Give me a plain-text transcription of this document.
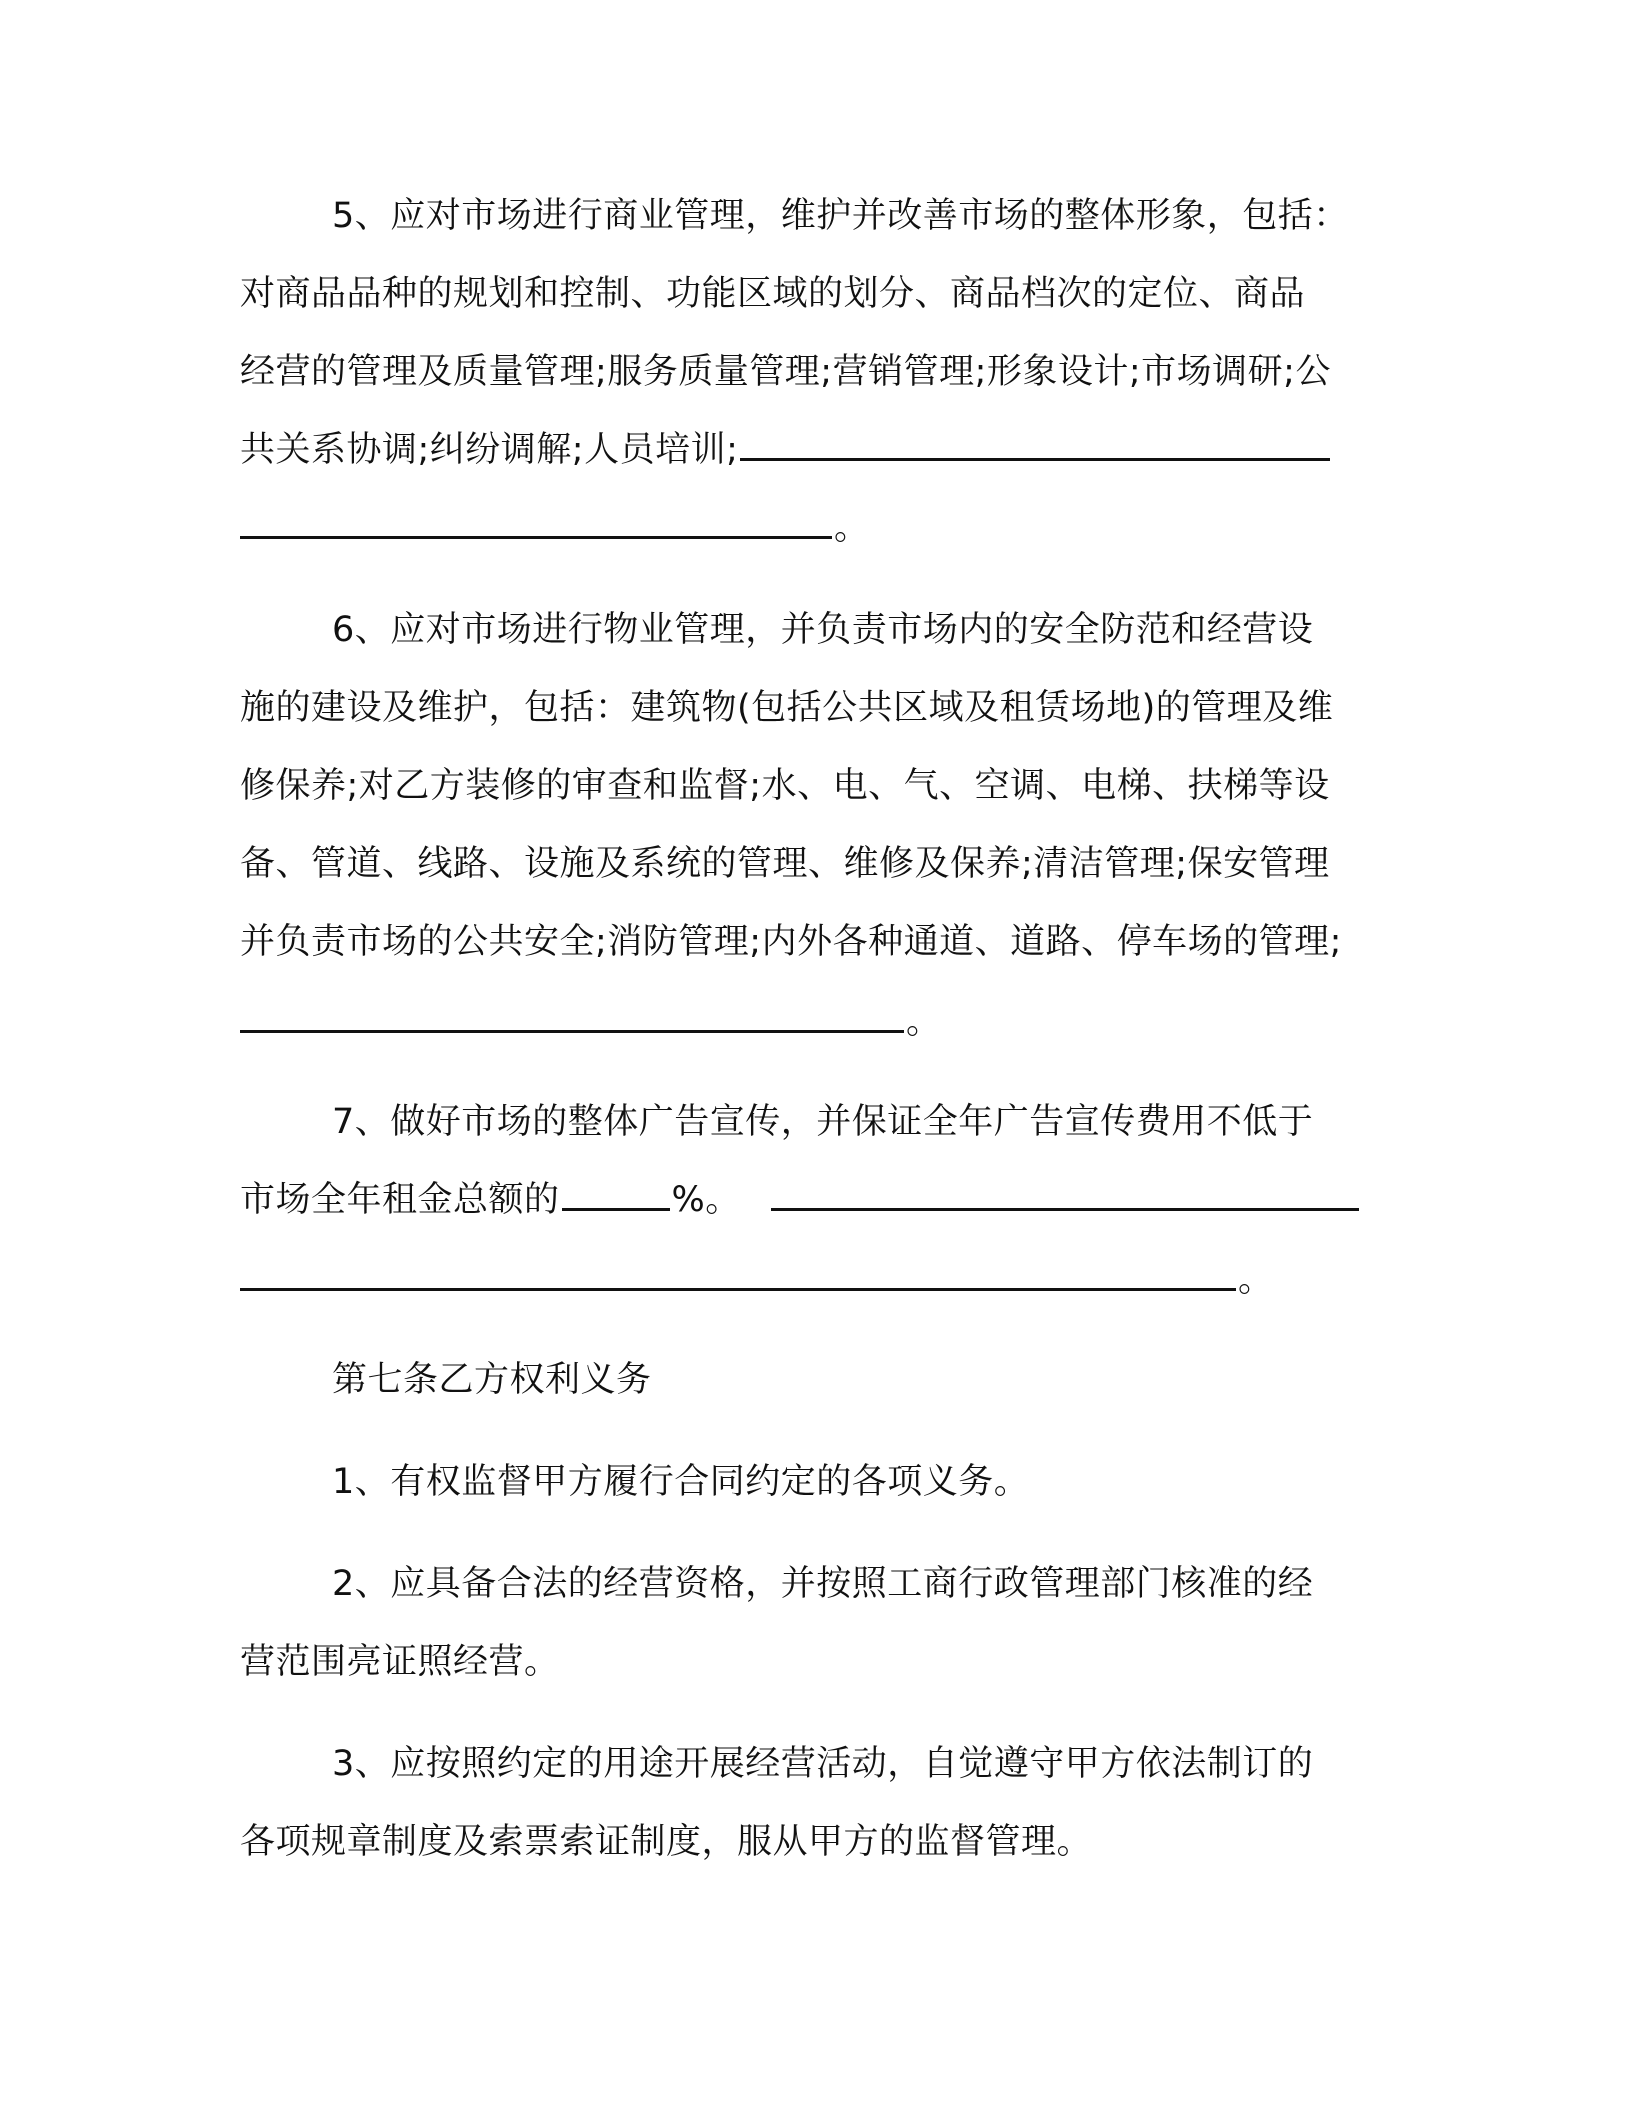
5、应对市场进行商业管理，维护并改善市场的整体形象，包括：
对商品品种的规划和控制、功能区域的划分、商品档次的定位、商品
经营的管理及质量管理;服务质量管理;营销管理;形象设计;市场调研;公
共关系协调;纠纷调解;人员培训;
。
6、应对市场进行物业管理，并负责市场内的安全防范和经营设
施的建设及维护，包括：建筑物(包括公共区域及租赁场地)的管理及维
修保养;对乙方装修的审查和监督;水、电、气、空调、电梯、扶梯等设
备、管道、线路、设施及系统的管理、维修及保养;清洁管理;保安管理
并负责市场的公共安全;消防管理;内外各种通道、道路、停车场的管理;
。
7、做好市场的整体广告宣传，并保证全年广告宣传费用不低于
市场全年租金总额的	%。
。
第七条乙方权利义务
1、有权监督甲方履行合同约定的各项义务。
2、应具备合法的经营资格，并按照工商行政管理部门核准的经
营范围亮证照经营。
3、应按照约定的用途开展经营活动，自觉遵守甲方依法制订的
各项规章制度及索票索证制度，服从甲方的监督管理。
